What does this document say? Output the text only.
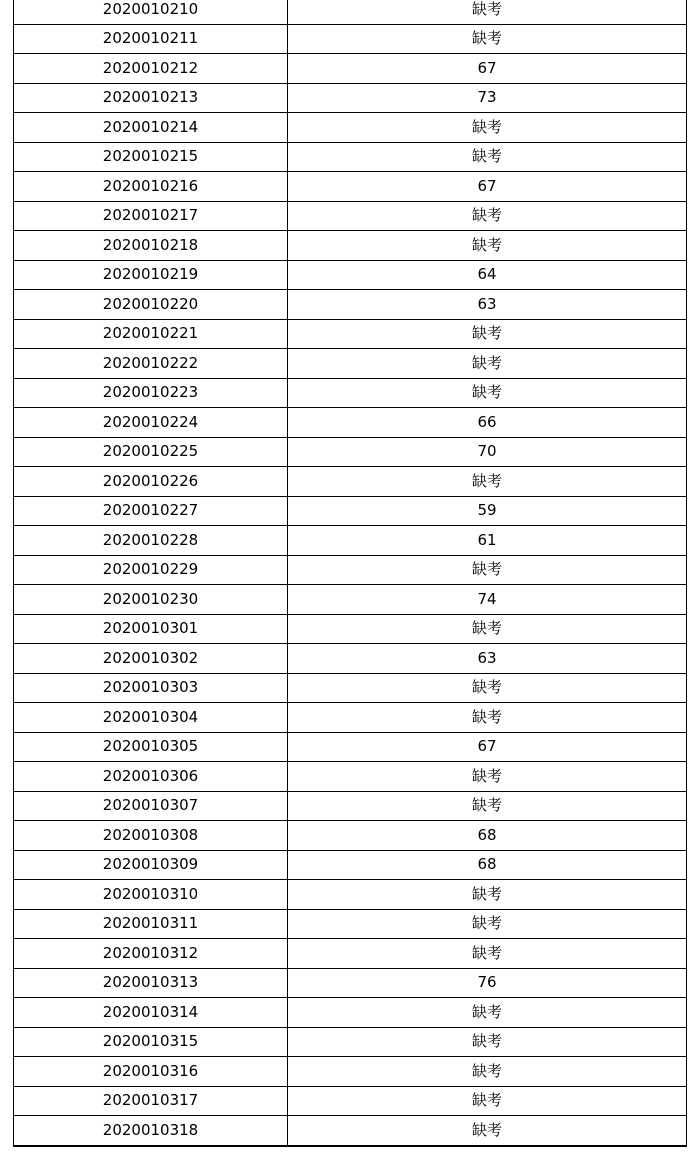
2020010210	缺考
2020010211	缺考
2020010212	67
2020010213	73
2020010214	缺考
2020010215	缺考
2020010216	67
2020010217	缺考
2020010218	缺考
2020010219	64
2020010220	63
2020010221	缺考
2020010222	缺考
2020010223	缺考
2020010224	66
2020010225	70
2020010226	缺考
2020010227	59
2020010228	61
2020010229	缺考
2020010230	74
2020010301	缺考
2020010302	63
2020010303	缺考
2020010304	缺考
2020010305	67
2020010306	缺考
2020010307	缺考
2020010308	68
2020010309	68
2020010310	缺考
2020010311	缺考
2020010312	缺考
2020010313	76
2020010314	缺考
2020010315	缺考
2020010316	缺考
2020010317	缺考
2020010318	缺考
